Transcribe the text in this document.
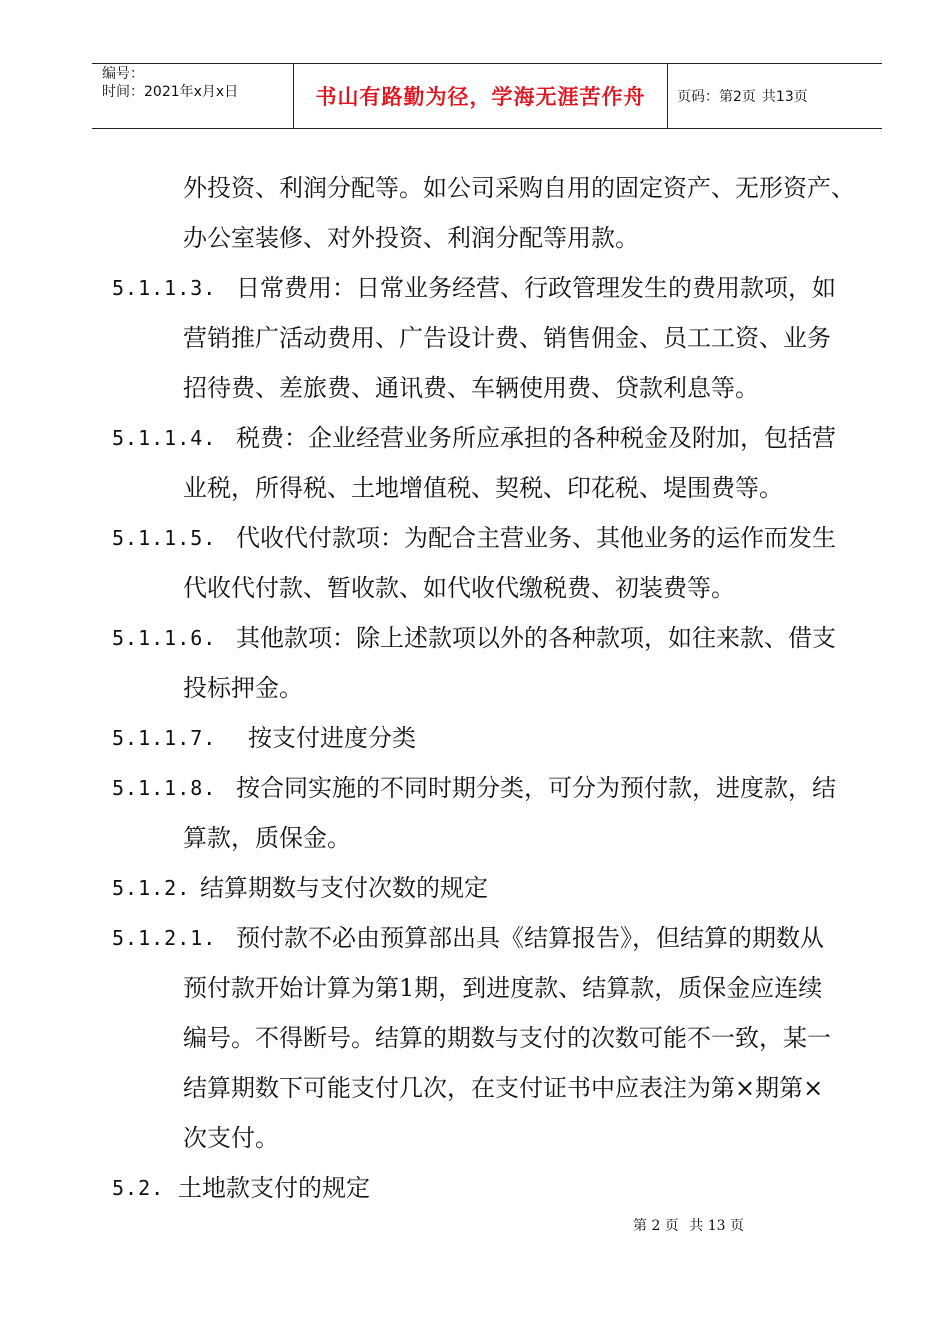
编号：
时间：2021年x月x日	书山有路勤为径，学海无涯苦作舟	页码：第2页 共13页
外投资、利润分配等。如公司采购自用的固定资产、无形资产、
办公室装修、对外投资、利润分配等用款。
5.1.1.3. 日常费用：日常业务经营、行政管理发生的费用款项，如
营销推广活动费用、广告设计费、销售佣金、员工工资、业务
招待费、差旅费、通讯费、车辆使用费、贷款利息等。
5.1.1.4. 税费：企业经营业务所应承担的各种税金及附加，包括营
业税，所得税、土地增值税、契税、印花税、堤围费等。
5.1.1.5. 代收代付款项：为配合主营业务、其他业务的运作而发生
代收代付款、暂收款、如代收代缴税费、初装费等。
5.1.1.6. 其他款项：除上述款项以外的各种款项，如往来款、借支
投标押金。
5.1.1.7. 按支付进度分类
5.1.1.8. 按合同实施的不同时期分类，可分为预付款，进度款，结
算款，质保金。
5.1.2. 结算期数与支付次数的规定
5.1.2.1. 预付款不必由预算部出具《结算报告》，但结算的期数从
预付款开始计算为第1期，到进度款、结算款，质保金应连续
编号。不得断号。结算的期数与支付的次数可能不一致，某一
结算期数下可能支付几次，在支付证书中应表注为第×期第×
次支付。
5.2. 土地款支付的规定
第 2 页 共 13 页
